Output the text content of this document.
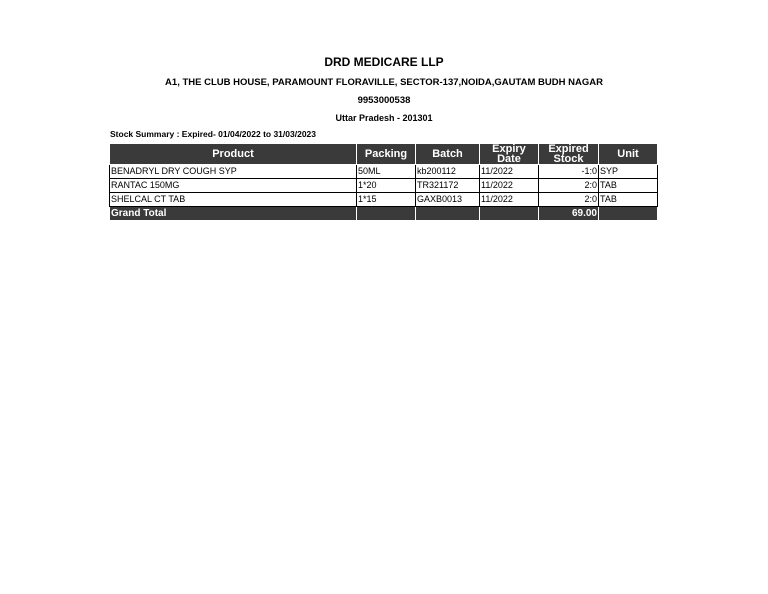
DRD MEDICARE LLP
A1, THE CLUB HOUSE, PARAMOUNT FLORAVILLE, SECTOR-137,NOIDA,GAUTAM BUDH NAGAR
9953000538
Uttar Pradesh - 201301
Stock Summary : Expired- 01/04/2022 to 31/03/2023
Product	Packing	Batch	Expiry Date	Expired Stock	Unit
BENADRYL DRY COUGH SYP	50ML	kb200112	11/2022	-1:0	SYP
RANTAC 150MG	1*20	TR321172	11/2022	2:0	TAB
SHELCAL CT TAB	1*15	GAXB0013	11/2022	2:0	TAB
Grand Total				69.00	
